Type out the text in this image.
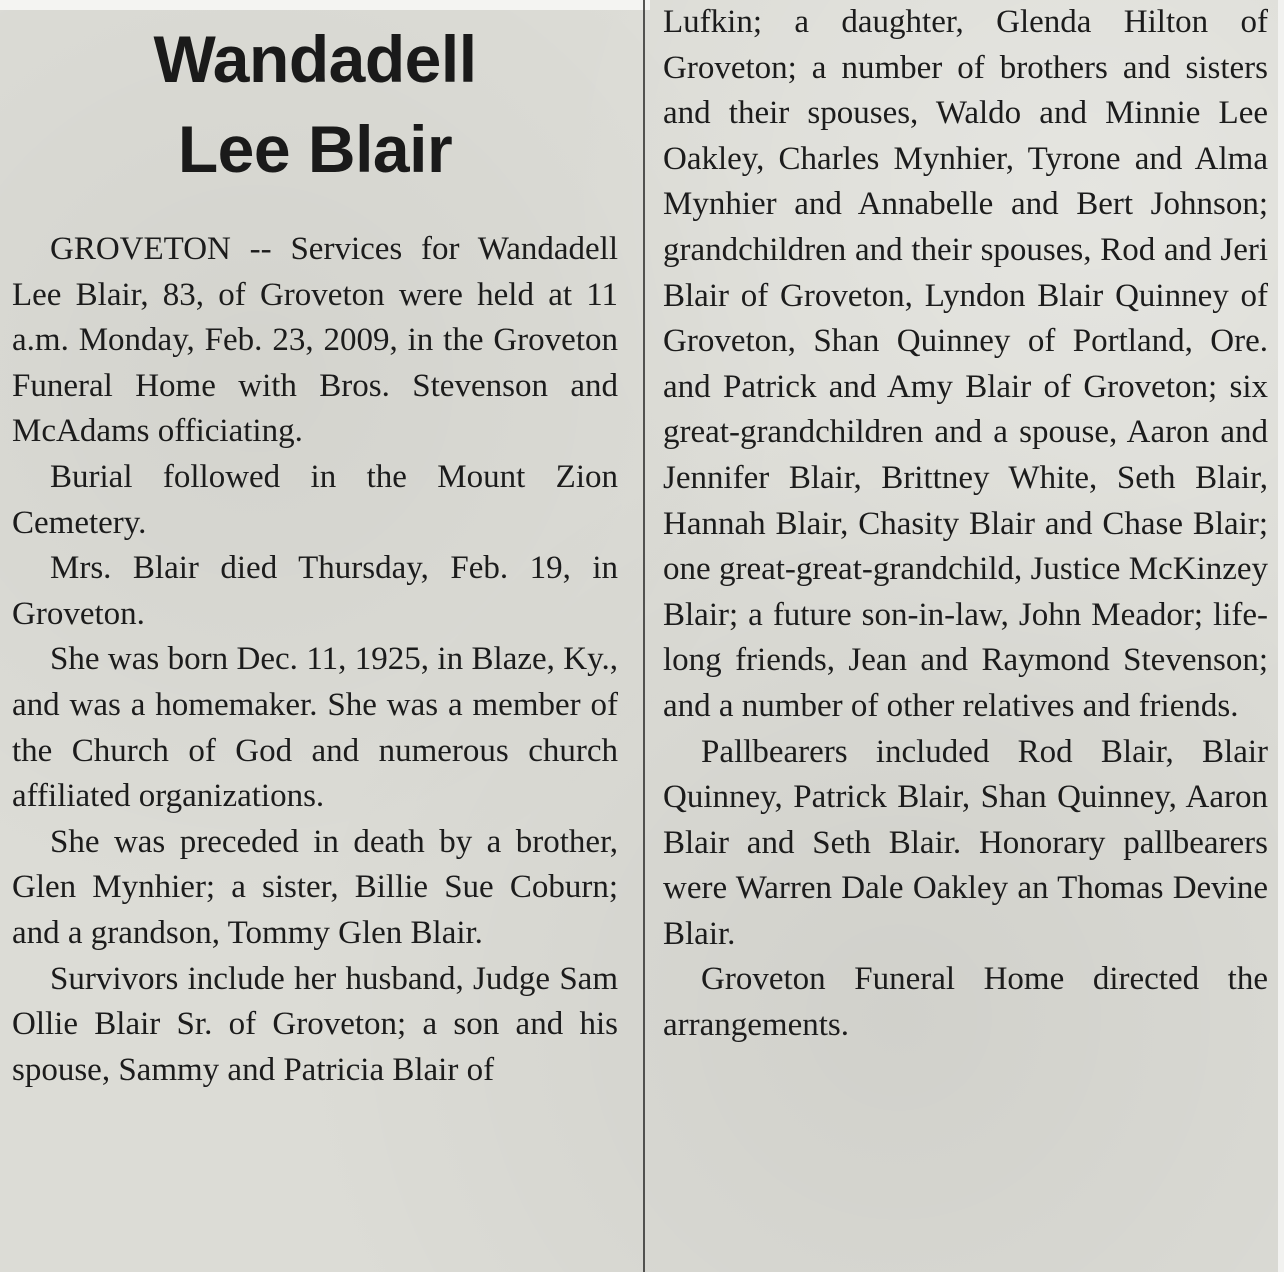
Wandadell
Lee Blair

GROVETON -- Services for Wandadell Lee Blair, 83, of Groveton were held at 11 a.m. Monday, Feb. 23, 2009, in the Groveton Funeral Home with Bros. Stevenson and McAdams officiating.

Burial followed in the Mount Zion Cemetery.

Mrs. Blair died Thursday, Feb. 19, in Groveton.

She was born Dec. 11, 1925, in Blaze, Ky., and was a homemaker. She was a member of the Church of God and numerous church affiliated organizations.

She was preceded in death by a brother, Glen Mynhier; a sister, Billie Sue Coburn; and a grandson, Tommy Glen Blair.

Survivors include her husband, Judge Sam Ollie Blair Sr. of Groveton; a son and his spouse, Sammy and Patricia Blair of

Lufkin; a daughter, Glenda Hilton of Groveton; a number of brothers and sisters and their spouses, Waldo and Minnie Lee Oakley, Charles Mynhier, Tyrone and Alma Mynhier and Annabelle and Bert Johnson; grandchildren and their spouses, Rod and Jeri Blair of Groveton, Lyndon Blair Quinney of Groveton, Shan Quinney of Portland, Ore. and Patrick and Amy Blair of Groveton; six great-grandchildren and a spouse, Aaron and Jennifer Blair, Brittney White, Seth Blair, Hannah Blair, Chasity Blair and Chase Blair; one great-great-grandchild, Justice McKinzey Blair; a future son-in-law, John Meador; life-long friends, Jean and Raymond Stevenson; and a number of other relatives and friends.

Pallbearers included Rod Blair, Blair Quinney, Patrick Blair, Shan Quinney, Aaron Blair and Seth Blair. Honorary pallbearers were Warren Dale Oakley an Thomas Devine Blair.

Groveton Funeral Home directed the arrangements.
